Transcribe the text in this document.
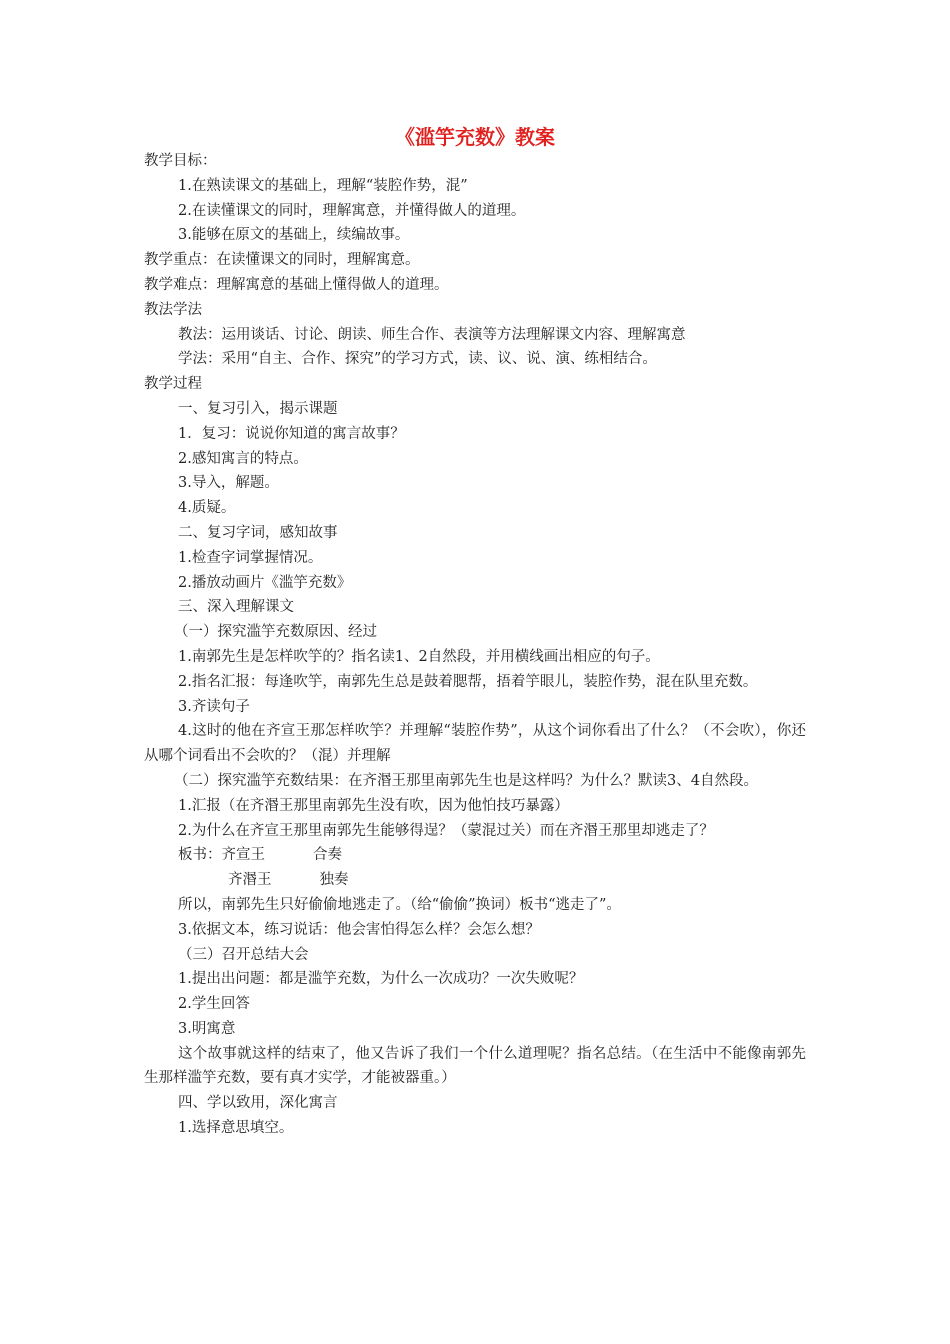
《滥竽充数》教案

教学目标：

1.在熟读课文的基础上，理解“装腔作势，混”

2.在读懂课文的同时，理解寓意，并懂得做人的道理。

3.能够在原文的基础上，续编故事。

教学重点：在读懂课文的同时，理解寓意。

教学难点：理解寓意的基础上懂得做人的道理。

教法学法

教法：运用谈话、讨论、朗读、师生合作、表演等方法理解课文内容、理解寓意

学法：采用“自主、合作、探究”的学习方式，读、议、说、演、练相结合。

教学过程

一、复习引入，揭示课题

1．复习：说说你知道的寓言故事？

2.感知寓言的特点。

3.导入，解题。

4.质疑。

二、复习字词，感知故事

1.检查字词掌握情况。

2.播放动画片《滥竽充数》

三、深入理解课文

（一）探究滥竽充数原因、经过

1.南郭先生是怎样吹竽的？指名读1、2自然段，并用横线画出相应的句子。

2.指名汇报：每逢吹竽，南郭先生总是鼓着腮帮，捂着竽眼儿，装腔作势，混在队里充数。

3.齐读句子

4.这时的他在齐宣王那怎样吹竽？并理解“装腔作势”，从这个词你看出了什么？（不会吹），你还从哪个词看出不会吹的？（混）并理解

（二）探究滥竽充数结果：在齐湣王那里南郭先生也是这样吗？为什么？默读3、4自然段。

1.汇报（在齐湣王那里南郭先生没有吹，因为他怕技巧暴露）

2.为什么在齐宣王那里南郭先生能够得逞？（蒙混过关）而在齐湣王那里却逃走了？

板书：齐宣王	合奏
齐湣王	独奏

所以，南郭先生只好偷偷地逃走了。（给“偷偷”换词）板书“逃走了”。

3.依据文本，练习说话：他会害怕得怎么样？会怎么想？

（三）召开总结大会

1.提出出问题：都是滥竽充数，为什么一次成功？一次失败呢？

2.学生回答

3.明寓意

这个故事就这样的结束了，他又告诉了我们一个什么道理呢？指名总结。（在生活中不能像南郭先生那样滥竽充数，要有真才实学，才能被器重。）

四、学以致用，深化寓言

1.选择意思填空。
